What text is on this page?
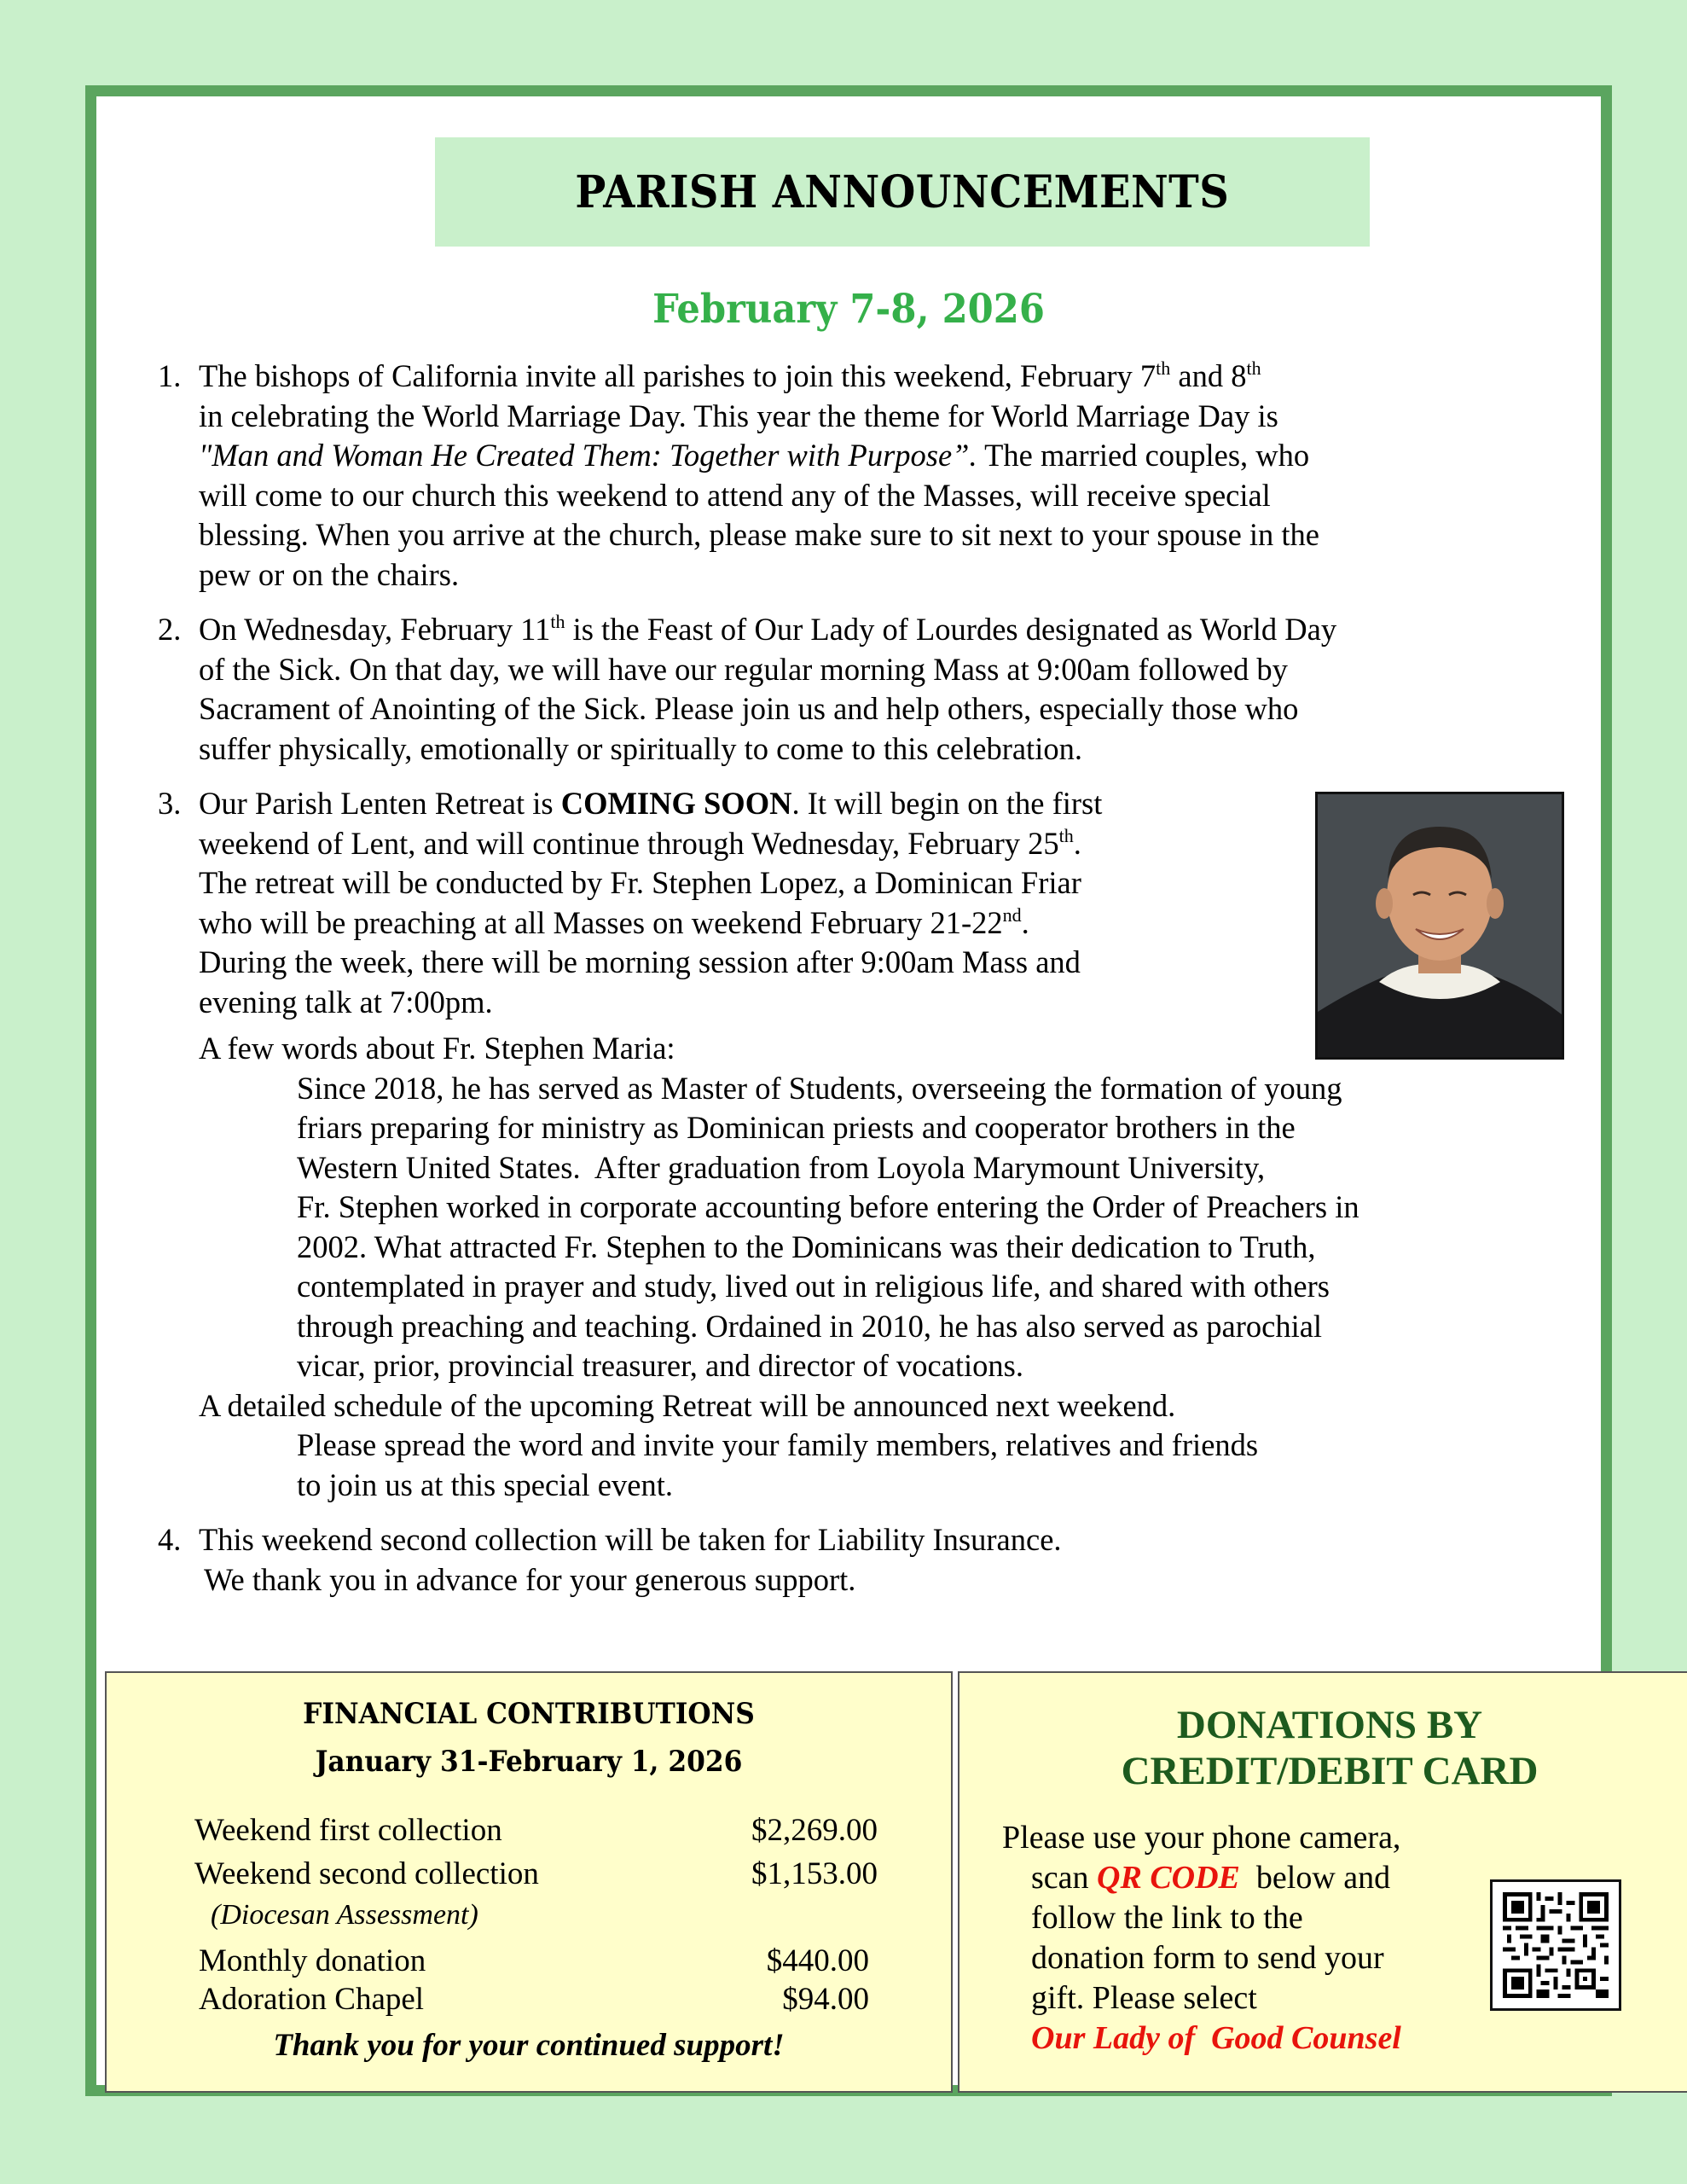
PARISH ANNOUNCEMENTS
February 7-8, 2026
1. The bishops of California invite all parishes to join this weekend, February 7th and 8th
in celebrating the World Marriage Day. This year the theme for World Marriage Day is
"Man and Woman He Created Them: Together with Purpose”. The married couples, who
will come to our church this weekend to attend any of the Masses, will receive special
blessing. When you arrive at the church, please make sure to sit next to your spouse in the
pew or on the chairs.
2. On Wednesday, February 11th is the Feast of Our Lady of Lourdes designated as World Day
of the Sick. On that day, we will have our regular morning Mass at 9:00am followed by
Sacrament of Anointing of the Sick. Please join us and help others, especially those who
suffer physically, emotionally or spiritually to come to this celebration.
3. Our Parish Lenten Retreat is COMING SOON. It will begin on the first
weekend of Lent, and will continue through Wednesday, February 25th.
The retreat will be conducted by Fr. Stephen Lopez, a Dominican Friar
who will be preaching at all Masses on weekend February 21-22nd.
During the week, there will be morning session after 9:00am Mass and
evening talk at 7:00pm.
A few words about Fr. Stephen Maria:
Since 2018, he has served as Master of Students, overseeing the formation of young
friars preparing for ministry as Dominican priests and cooperator brothers in the
Western United States.  After graduation from Loyola Marymount University,
Fr. Stephen worked in corporate accounting before entering the Order of Preachers in
2002. What attracted Fr. Stephen to the Dominicans was their dedication to Truth,
contemplated in prayer and study, lived out in religious life, and shared with others
through preaching and teaching. Ordained in 2010, he has also served as parochial
vicar, prior, provincial treasurer, and director of vocations.
A detailed schedule of the upcoming Retreat will be announced next weekend.
Please spread the word and invite your family members, relatives and friends
to join us at this special event.
4. This weekend second collection will be taken for Liability Insurance.
We thank you in advance for your generous support.
FINANCIAL CONTRIBUTIONS
January 31-February 1, 2026
Weekend first collection	$2,269.00
Weekend second collection	$1,153.00
(Diocesan Assessment)
Monthly donation	$440.00
Adoration Chapel	$94.00
Thank you for your continued support!
DONATIONS BY
CREDIT/DEBIT CARD
Please use your phone camera,
scan QR CODE  below and
follow the link to the
donation form to send your
gift. Please select
Our Lady of  Good Counsel
